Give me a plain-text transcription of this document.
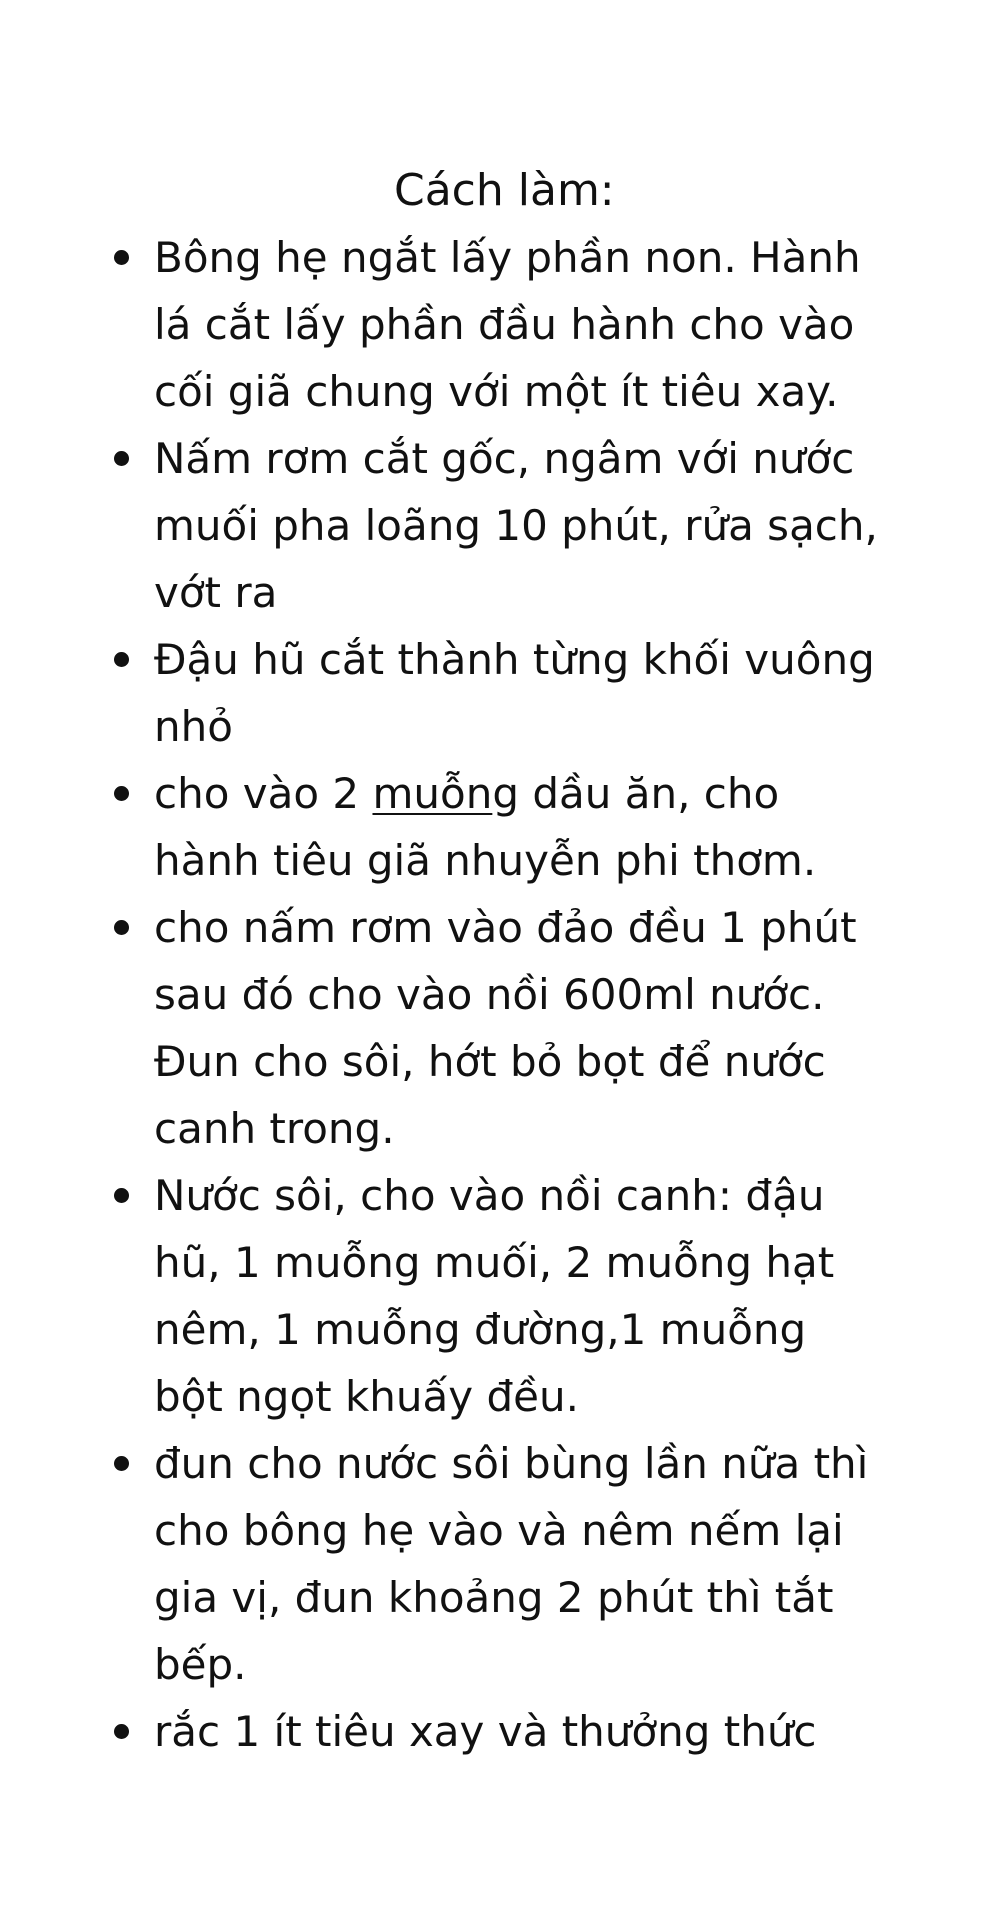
Cách làm:
Bông hẹ ngắt lấy phần non. Hành
lá cắt lấy phần đầu hành cho vào
cối giã chung với một ít tiêu xay.
Nấm rơm cắt gốc, ngâm với nước
muối pha loãng 10 phút, rửa sạch,
vớt ra
Đậu hũ cắt thành từng khối vuông
nhỏ
cho vào 2 muỗng dầu ăn, cho
hành tiêu giã nhuyễn phi thơm.
cho nấm rơm vào đảo đều 1 phút
sau đó cho vào nồi 600ml nước.
Đun cho sôi, hớt bỏ bọt để nước
canh trong.
Nước sôi, cho vào nồi canh: đậu
hũ, 1 muỗng muối, 2 muỗng hạt
nêm, 1 muỗng đường,1 muỗng
bột ngọt khuấy đều.
đun cho nước sôi bùng lần nữa thì
cho bông hẹ vào và nêm nếm lại
gia vị, đun khoảng 2 phút thì tắt
bếp.
rắc 1 ít tiêu xay và thưởng thức
